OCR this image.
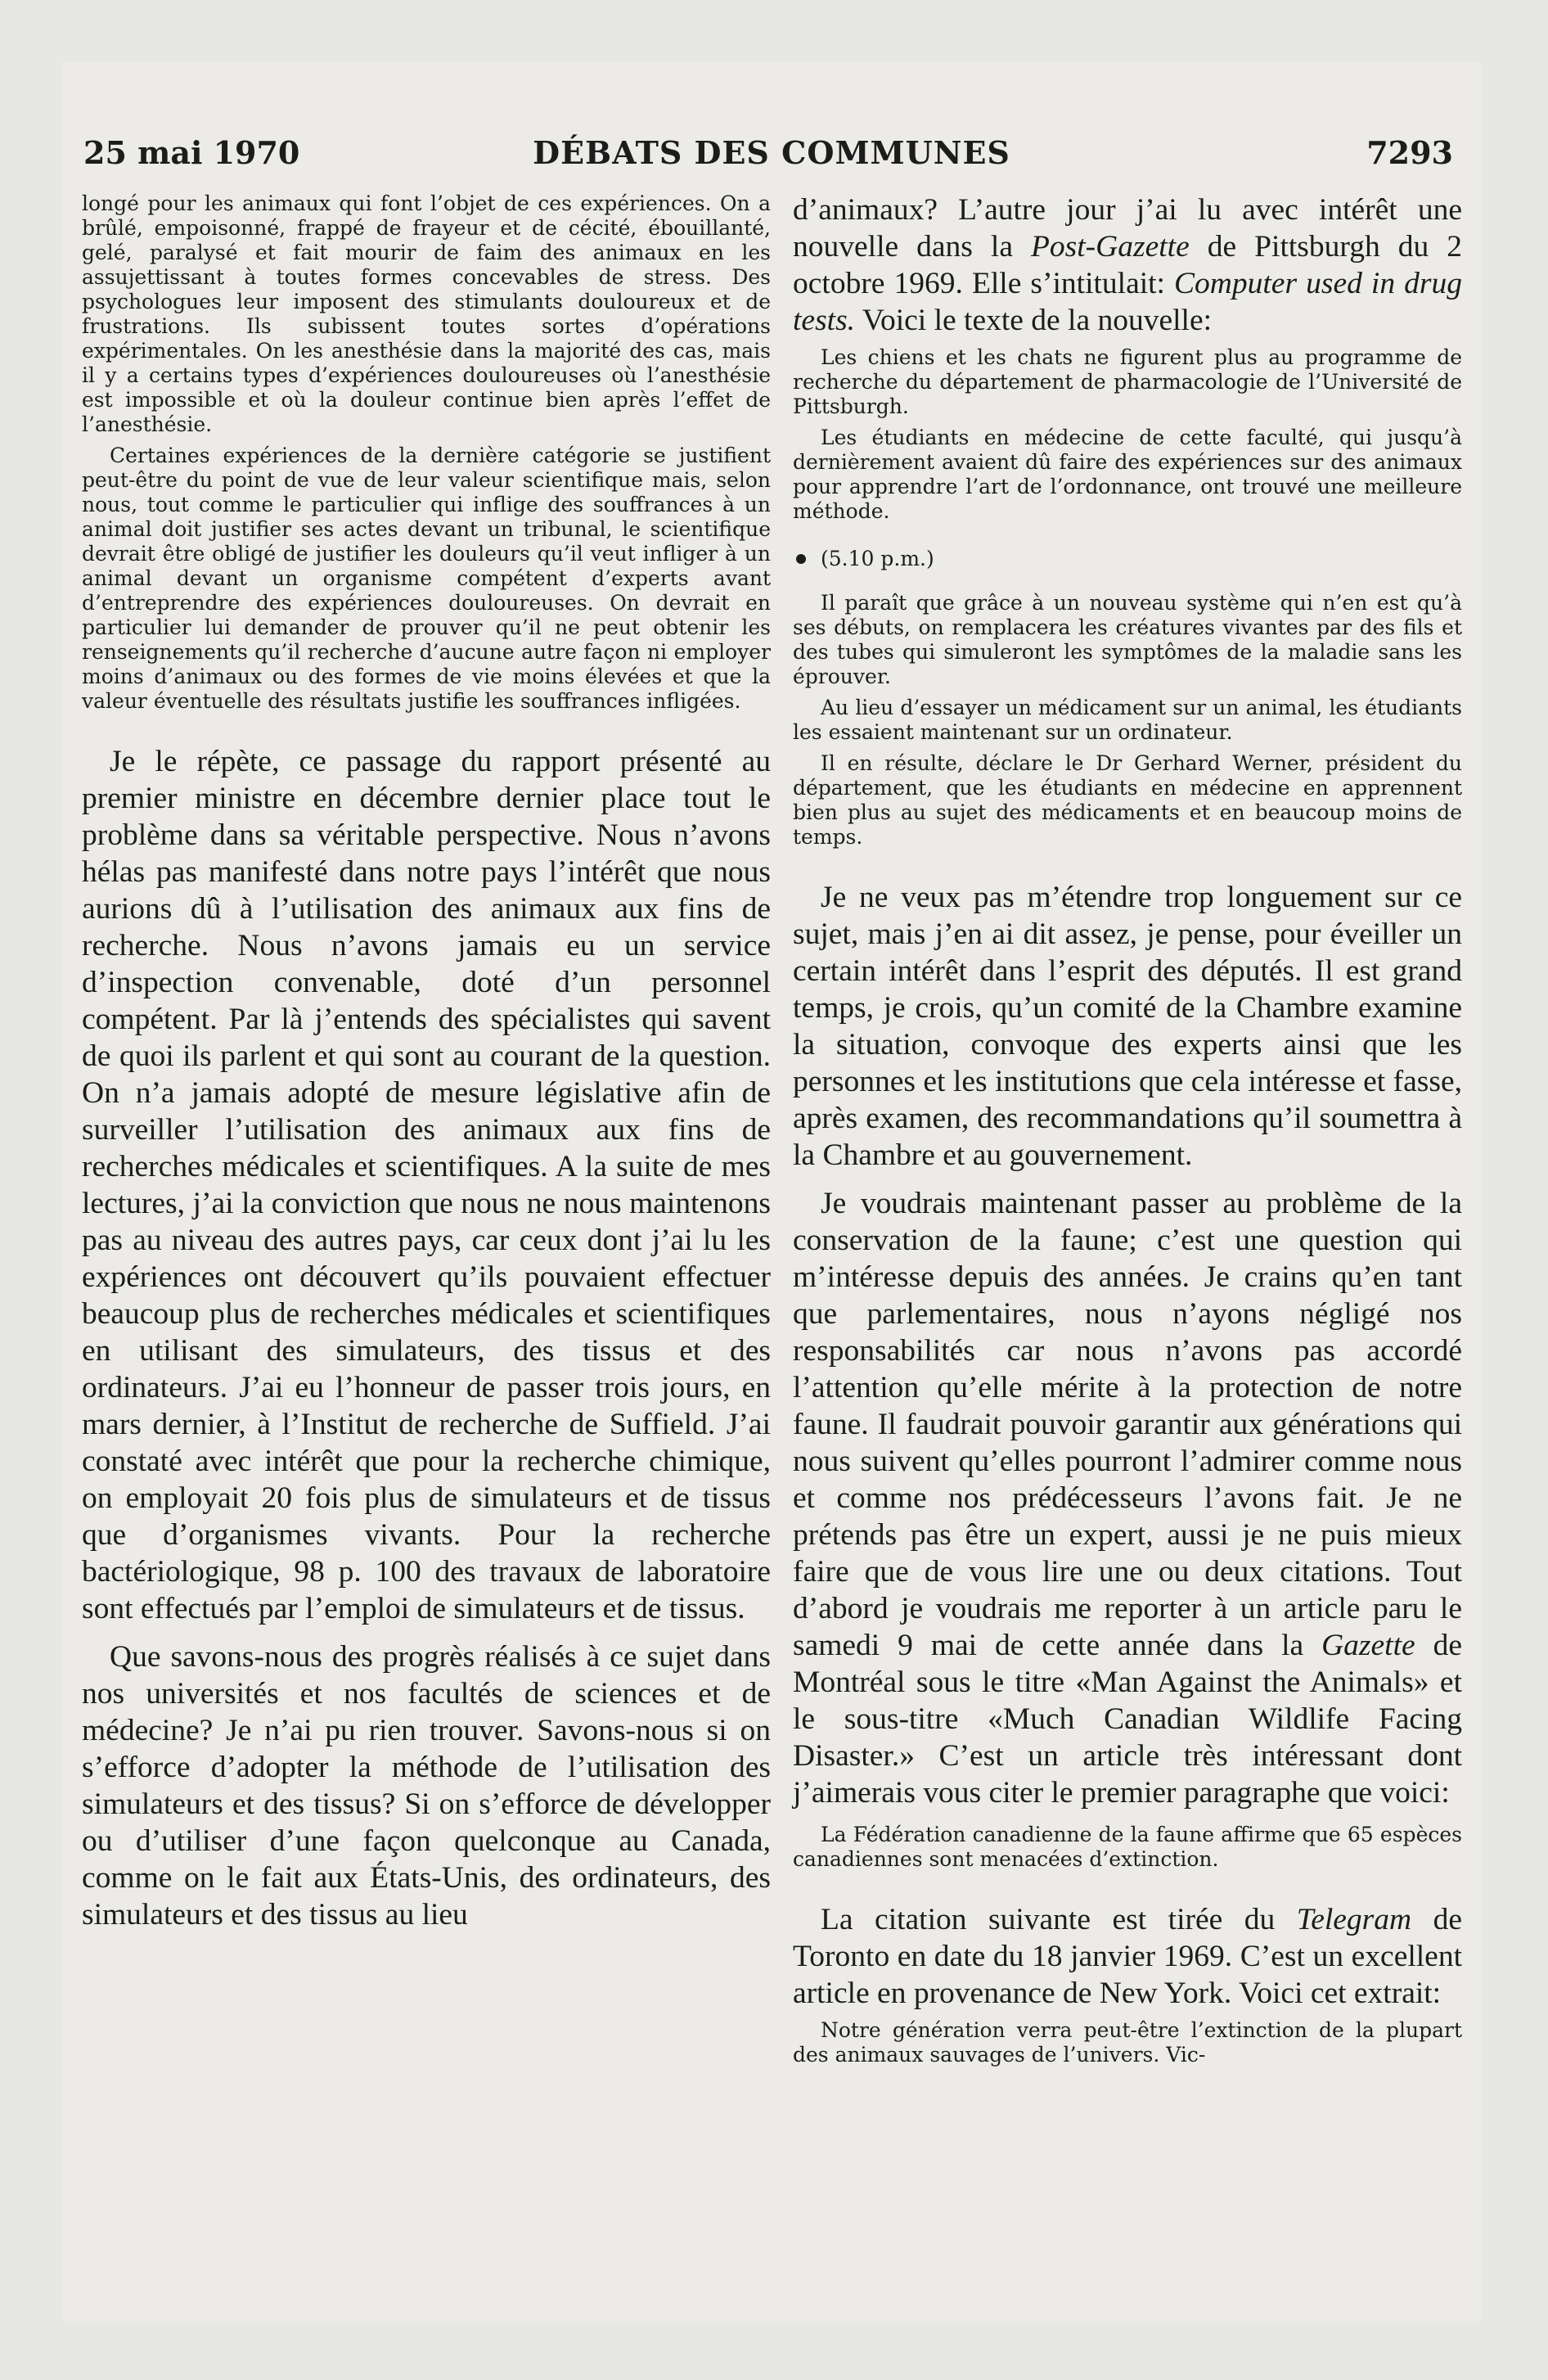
25 mai 1970	DÉBATS DES COMMUNES	7293

longé pour les animaux qui font l’objet de ces expériences. On a brûlé, empoisonné, frappé de frayeur et de cécité, ébouillanté, gelé, paralysé et fait mourir de faim des animaux en les assujettissant à toutes formes concevables de stress. Des psychologues leur imposent des stimulants douloureux et de frustrations. Ils subissent toutes sortes d’opérations expérimentales. On les anesthésie dans la majorité des cas, mais il y a certains types d’expériences douloureuses où l’anesthésie est impossible et où la douleur continue bien après l’effet de l’anesthésie.

Certaines expériences de la dernière catégorie se justifient peut-être du point de vue de leur valeur scientifique mais, selon nous, tout comme le particulier qui inflige des souffrances à un animal doit justifier ses actes devant un tribunal, le scientifique devrait être obligé de justifier les douleurs qu’il veut infliger à un animal devant un organisme compétent d’experts avant d’entreprendre des expériences douloureuses. On devrait en particulier lui demander de prouver qu’il ne peut obtenir les renseignements qu’il recherche d’aucune autre façon ni employer moins d’animaux ou des formes de vie moins élevées et que la valeur éventuelle des résultats justifie les souffrances infligées.

Je le répète, ce passage du rapport présenté au premier ministre en décembre dernier place tout le problème dans sa véritable perspective. Nous n’avons hélas pas manifesté dans notre pays l’intérêt que nous aurions dû à l’utilisation des animaux aux fins de recherche. Nous n’avons jamais eu un service d’inspection convenable, doté d’un personnel compétent. Par là j’entends des spécialistes qui savent de quoi ils parlent et qui sont au courant de la question. On n’a jamais adopté de mesure législative afin de surveiller l’utilisation des animaux aux fins de recherches médicales et scientifiques. A la suite de mes lectures, j’ai la conviction que nous ne nous maintenons pas au niveau des autres pays, car ceux dont j’ai lu les expériences ont découvert qu’ils pouvaient effectuer beaucoup plus de recherches médicales et scientifiques en utilisant des simulateurs, des tissus et des ordinateurs. J’ai eu l’honneur de passer trois jours, en mars dernier, à l’Institut de recherche de Suffield. J’ai constaté avec intérêt que pour la recherche chimique, on employait 20 fois plus de simulateurs et de tissus que d’organismes vivants. Pour la recherche bactériologique, 98 p. 100 des travaux de laboratoire sont effectués par l’emploi de simulateurs et de tissus.

Que savons-nous des progrès réalisés à ce sujet dans nos universités et nos facultés de sciences et de médecine? Je n’ai pu rien trouver. Savons-nous si on s’efforce d’adopter la méthode de l’utilisation des simulateurs et des tissus? Si on s’efforce de développer ou d’utiliser d’une façon quelconque au Canada, comme on le fait aux États-Unis, des ordinateurs, des simulateurs et des tissus au lieu

d’animaux? L’autre jour j’ai lu avec intérêt une nouvelle dans la Post-Gazette de Pittsburgh du 2 octobre 1969. Elle s’intitulait: Computer used in drug tests. Voici le texte de la nouvelle:

Les chiens et les chats ne figurent plus au programme de recherche du département de pharmacologie de l’Université de Pittsburgh.

Les étudiants en médecine de cette faculté, qui jusqu’à dernièrement avaient dû faire des expériences sur des animaux pour apprendre l’art de l’ordonnance, ont trouvé une meilleure méthode.

(5.10 p.m.)

Il paraît que grâce à un nouveau système qui n’en est qu’à ses débuts, on remplacera les créatures vivantes par des fils et des tubes qui simuleront les symptômes de la maladie sans les éprouver.

Au lieu d’essayer un médicament sur un animal, les étudiants les essaient maintenant sur un ordinateur.

Il en résulte, déclare le Dr Gerhard Werner, président du département, que les étudiants en médecine en apprennent bien plus au sujet des médicaments et en beaucoup moins de temps.

Je ne veux pas m’étendre trop longuement sur ce sujet, mais j’en ai dit assez, je pense, pour éveiller un certain intérêt dans l’esprit des députés. Il est grand temps, je crois, qu’un comité de la Chambre examine la situation, convoque des experts ainsi que les personnes et les institutions que cela intéresse et fasse, après examen, des recommandations qu’il soumettra à la Chambre et au gouvernement.

Je voudrais maintenant passer au problème de la conservation de la faune; c’est une question qui m’intéresse depuis des années. Je crains qu’en tant que parlementaires, nous n’ayons négligé nos responsabilités car nous n’avons pas accordé l’attention qu’elle mérite à la protection de notre faune. Il faudrait pouvoir garantir aux générations qui nous suivent qu’elles pourront l’admirer comme nous et comme nos prédécesseurs l’avons fait. Je ne prétends pas être un expert, aussi je ne puis mieux faire que de vous lire une ou deux citations. Tout d’abord je voudrais me reporter à un article paru le samedi 9 mai de cette année dans la Gazette de Montréal sous le titre «Man Against the Animals» et le sous-titre «Much Canadian Wildlife Facing Disaster.» C’est un article très intéressant dont j’aimerais vous citer le premier paragraphe que voici:

La Fédération canadienne de la faune affirme que 65 espèces canadiennes sont menacées d’extinction.

La citation suivante est tirée du Telegram de Toronto en date du 18 janvier 1969. C’est un excellent article en provenance de New York. Voici cet extrait:

Notre génération verra peut-être l’extinction de la plupart des animaux sauvages de l’univers. Vic-
